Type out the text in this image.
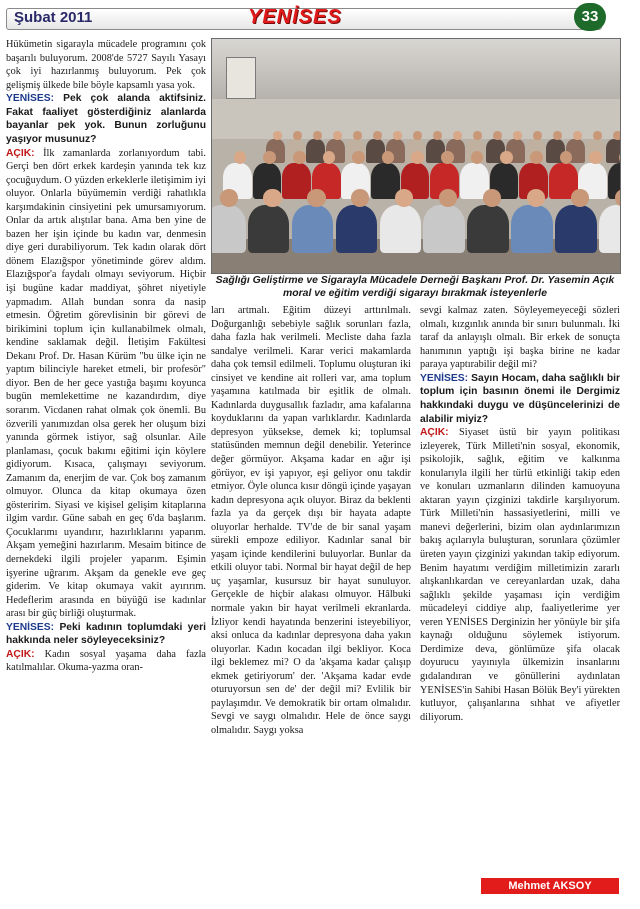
Şubat 2011	YENİSES	33

Hükümetin sigarayla mücadele programını çok başarılı buluyorum. 2008'de 5727 Sayılı Yasayı çok iyi hazırlanmış buluyorum. Pek çok gelişmiş ülkede bile böyle kapsamlı yasa yok.

YENİSES: Pek çok alanda aktifsiniz. Fakat faaliyet gösterdiğiniz alanlarda bayanlar pek yok. Bunun zorluğunu yaşıyor musunuz?

AÇIK: İlk zamanlarda zorlanıyordum tabi. Gerçi ben dört erkek kardeşin yanında tek kız çocuğuydum. O yüzden erkeklerle iletişimim iyi oluyor. Onlarla büyümemin verdiği rahatlıkla karşımdakinin cinsiyetini pek umursamıyorum. Onlar da artık alıştılar bana. Ama ben yine de bazen her işin içinde bu kadın var, denmesin diye geri durabiliyorum. Tek kadın olarak dört dönem Elazığspor yönetiminde görev aldım. Elazığspor'a faydalı olmayı seviyorum. Hiçbir işi bugüne kadar maddiyat, şöhret niyetiyle yapmadım. Allah bundan sonra da nasip etmesin. Öğretim görevlisinin bir görevi de birikimini toplum için kullanabilmek olmalı, kendine saklamak değil. İletişim Fakültesi Dekanı Prof. Dr. Hasan Kürüm "bu ülke için ne yaptım bilinciyle hareket etmeli, bir profesör" diyor. Ben de her gece yastığa başımı koyunca bugün memlekettime ne kazandırdım, diye sorarım. Vicdanen rahat olmak çok önemli. Bu özverili yanımızdan olsa gerek her oluşum bizi yanında görmek istiyor, sağ olsunlar. Aile planlaması, çocuk bakımı eğitimi için köylere gidiyorum. Kısaca, çalışmayı seviyorum. Zamanım da, enerjim de var. Çok boş zamanım olmuyor. Olunca da kitap okumaya özen gösteririm. Siyasi ve kişisel gelişim kitaplarına ilgim vardır. Güne sabah en geç 6'da başlarım. Çocuklarımı uyandırır, hazırlıklarını yaparım. Akşam yemeğini hazırlarım. Mesaim bitince de dernekdeki ilgili projeler yaparım. Eşimin işyerine uğrarım. Akşam da genekle eve geç giderim. Ve kitap okumaya vakit ayırırım. Hedeflerim arasında en büyüğü ise kadınlar arası bir güç birliği oluşturmak.

YENİSES: Peki kadının toplumdaki yeri hakkında neler söyleyeceksiniz?

AÇIK: Kadın sosyal yaşama daha fazla katılmalılar. Okuma-yazma oran-

Sağlığı Geliştirme ve Sigarayla Mücadele Derneği Başkanı Prof. Dr. Yasemin Açık moral ve eğitim verdiği sigarayı bırakmak isteyenlerle

ları artmalı. Eğitim düzeyi arttırılmalı. Doğurganlığı sebebiyle sağlık sorunları fazla, daha fazla hak verilmeli. Mecliste daha fazla sandalye verilmeli. Karar verici makamlarda daha çok temsil edilmeli. Toplumu oluşturan iki cinsiyet ve kendine ait rolleri var, ama toplum yaşamına katılmada bir eşitlik de olmalı. Kadınlarda duygusallık fazladır, ama kafalarına koyduklarını da yapan varlıklardır. Kadınlarda depresyon yüksekse, demek ki; toplumsal statüsünden memnun değil denebilir. Yeterince değer görmüyor. Akşama kadar en ağır işi görüyor, ev işi yapıyor, eşi geliyor onu takdir etmiyor. Öyle olunca kısır döngü içinde yaşayan kadın depresyona açık oluyor. Biraz da beklenti fazla ya da gerçek dışı bir hayata adapte oluyorlar herhalde. TV'de de bir sanal yaşam sürekli empoze ediliyor. Kadınlar sanal bir yaşam içinde kendilerini buluyorlar. Bunlar da etkili oluyor tabi. Normal bir hayat değil de hep uç yaşamlar, kusursuz bir hayat sunuluyor. Gerçekle de hiçbir alakası olmuyor. Hâlbuki normale yakın bir hayat verilmeli ekranlarda. İzliyor kendi hayatında benzerini isteyebiliyor, aksi onluca da kadınlar depresyona daha yakın oluyorlar. Kadın kocadan ilgi bekliyor. Koca ilgi beklemez mi? O da 'akşama kadar çalışıp ekmek getiriyorum' der. 'Akşama kadar evde oturuyorsun sen de' der değil mi? Evlilik bir paylaşımdır. Ve demokratik bir ortam olmalıdır. Sevgi ve saygı olmalıdır. Hele de önce saygı olmalıdır. Saygı yoksa

sevgi kalmaz zaten. Söyleyemeyeceği sözleri olmalı, kızgınlık anında bir sınırı bulunmalı. İki taraf da anlayışlı olmalı. Bir erkek de sonuçta hanımının yaptığı işi başka birine ne kadar paraya yaptırabilir değil mi?

YENİSES: Sayın Hocam, daha sağlıklı bir toplum için basının önemi ile Dergimiz hakkındaki duygu ve düşüncelerinizi de alabilir miyiz?

AÇIK: Siyaset üstü bir yayın politikası izleyerek, Türk Milleti'nin sosyal, ekonomik, psikolojik, sağlık, eğitim ve kalkınma konularıyla ilgili her türlü etkinliği takip eden ve konuları uzmanların dilinden kamuoyuna aktaran yayın çizginizi takdirle karşılıyorum. Türk Milleti'nin hassasiyetlerini, milli ve manevi değerlerini, bizim olan aydınlarımızın bakış açılarıyla buluşturan, sorunlara çözümler üreten yayın çizginizi yakından takip ediyorum. Benim hayatımı verdiğim milletimizin zararlı alışkanlıkardan ve cereyanlardan uzak, daha sağlıklı şekilde yaşaması için verdiğim mücadeleyi ciddiye alıp, faaliyetlerime yer veren YENİSES Derginizin her yönüyle bir şifa kaynağı olduğunu söylemek istiyorum. Derdimize deva, gönlümüze şifa olacak doyurucu yayınıyla ülkemizin insanlarını gıdalandıran ve gönüllerini aydınlatan YENİSES'in Sahibi Hasan Bölük Bey'i yürekten kutluyor, çalışanlarına sıhhat ve afiyetler diliyorum.

Mehmet AKSOY
